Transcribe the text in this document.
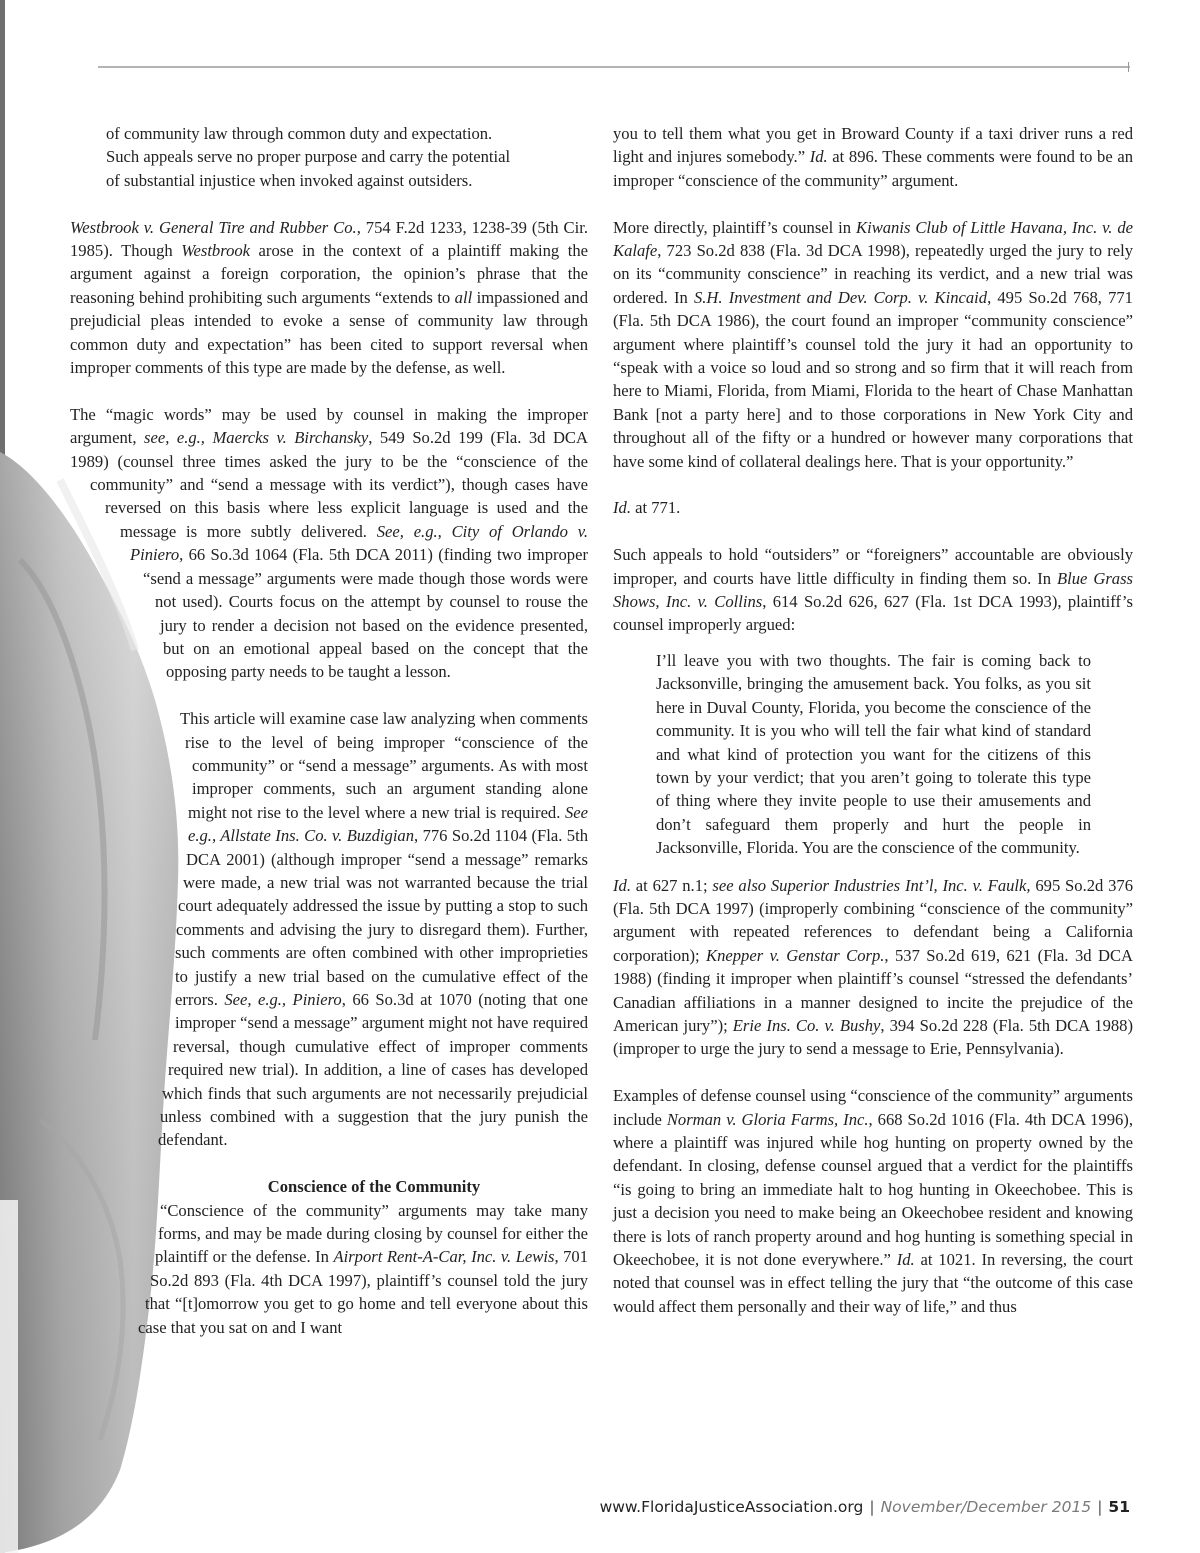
of community law through common duty and expectation.

Such appeals serve no proper purpose and carry the potential

of substantial injustice when invoked against outsiders.

Westbrook v. General Tire and Rubber Co., 754 F.2d 1233, 1238-39 (5th Cir. 1985). Though Westbrook arose in the context of a plaintiff making the argument against a foreign corporation, the opinion’s phrase that the reasoning behind prohibiting such arguments “extends to all impassioned and prejudicial pleas intended to evoke a sense of community law through common duty and expectation” has been cited to support reversal when improper comments of this type are made by the defense, as well.

The “magic words” may be used by counsel in making the improper argument, see, e.g., Maercks v. Birchansky, 549 So.2d 199 (Fla. 3d DCA 1989) (counsel three times asked the jury to be the “conscience of the community” and “send a message with its verdict”), though cases have reversed on this basis where less explicit language is used and the message is more subtly delivered. See, e.g., City of Orlando v. Piniero, 66 So.3d 1064 (Fla. 5th DCA 2011) (finding two improper “send a message” arguments were made though those words were not used). Courts focus on the attempt by counsel to rouse the jury to render a decision not based on the evidence presented, but on an emotional appeal based on the concept that the opposing party needs to be taught a lesson.

This article will examine case law analyzing when comments rise to the level of being improper “conscience of the community” or “send a message” arguments. As with most improper comments, such an argument standing alone might not rise to the level where a new trial is required. See e.g., Allstate Ins. Co. v. Buzdigian, 776 So.2d 1104 (Fla. 5th DCA 2001) (although improper “send a message” remarks were made, a new trial was not warranted because the trial court adequately addressed the issue by putting a stop to such comments and advising the jury to disregard them). Further, such comments are often combined with other improprieties to justify a new trial based on the cumulative effect of the errors. See, e.g., Piniero, 66 So.3d at 1070 (noting that one improper “send a message” argument might not have required reversal, though cumulative effect of improper comments required new trial). In addition, a line of cases has developed which finds that such arguments are not necessarily prejudicial unless combined with a suggestion that the jury punish the defendant.

Conscience of the Community

“Conscience of the community” arguments may take many forms, and may be made during closing by counsel for either the plaintiff or the defense. In Airport Rent-A-Car, Inc. v. Lewis, 701 So.2d 893 (Fla. 4th DCA 1997), plaintiff’s counsel told the jury that “[t]omorrow you get to go home and tell everyone about this case that you sat on and I want

you to tell them what you get in Broward County if a taxi driver runs a red light and injures somebody.” Id. at 896. These comments were found to be an improper “conscience of the community” argument.

More directly, plaintiff’s counsel in Kiwanis Club of Little Havana, Inc. v. de Kalafe, 723 So.2d 838 (Fla. 3d DCA 1998), repeatedly urged the jury to rely on its “community conscience” in reaching its verdict, and a new trial was ordered. In S.H. Investment and Dev. Corp. v. Kincaid, 495 So.2d 768, 771 (Fla. 5th DCA 1986), the court found an improper “community conscience” argument where plaintiff’s counsel told the jury it had an opportunity to “speak with a voice so loud and so strong and so firm that it will reach from here to Miami, Florida, from Miami, Florida to the heart of Chase Manhattan Bank [not a party here] and to those corporations in New York City and throughout all of the fifty or a hundred or however many corporations that have some kind of collateral dealings here. That is your opportunity.”

Id. at 771.

Such appeals to hold “outsiders” or “foreigners” accountable are obviously improper, and courts have little difficulty in finding them so. In Blue Grass Shows, Inc. v. Collins, 614 So.2d 626, 627 (Fla. 1st DCA 1993), plaintiff’s counsel improperly argued:

I’ll leave you with two thoughts. The fair is coming back to Jacksonville, bringing the amusement back. You folks, as you sit here in Duval County, Florida, you become the conscience of the community. It is you who will tell the fair what kind of standard and what kind of protection you want for the citizens of this town by your verdict; that you aren’t going to tolerate this type of thing where they invite people to use their amusements and don’t safeguard them properly and hurt the people in Jacksonville, Florida. You are the conscience of the community.

Id. at 627 n.1; see also Superior Industries Int’l, Inc. v. Faulk, 695 So.2d 376 (Fla. 5th DCA 1997) (improperly combining “conscience of the community” argument with repeated references to defendant being a California corporation); Knepper v. Genstar Corp., 537 So.2d 619, 621 (Fla. 3d DCA 1988) (finding it improper when plaintiff’s counsel “stressed the defendants’ Canadian affiliations in a manner designed to incite the prejudice of the American jury”); Erie Ins. Co. v. Bushy, 394 So.2d 228 (Fla. 5th DCA 1988) (improper to urge the jury to send a message to Erie, Pennsylvania).

Examples of defense counsel using “conscience of the community” arguments include Norman v. Gloria Farms, Inc., 668 So.2d 1016 (Fla. 4th DCA 1996), where a plaintiff was injured while hog hunting on property owned by the defendant. In closing, defense counsel argued that a verdict for the plaintiffs “is going to bring an immediate halt to hog hunting in Okeechobee. This is just a decision you need to make being an Okeechobee resident and knowing there is lots of ranch property around and hog hunting is something special in Okeechobee, it is not done everywhere.” Id. at 1021. In reversing, the court noted that counsel was in effect telling the jury that “the outcome of this case would affect them personally and their way of life,” and thus

www.FloridaJusticeAssociation.org | November/December 2015 | 51
